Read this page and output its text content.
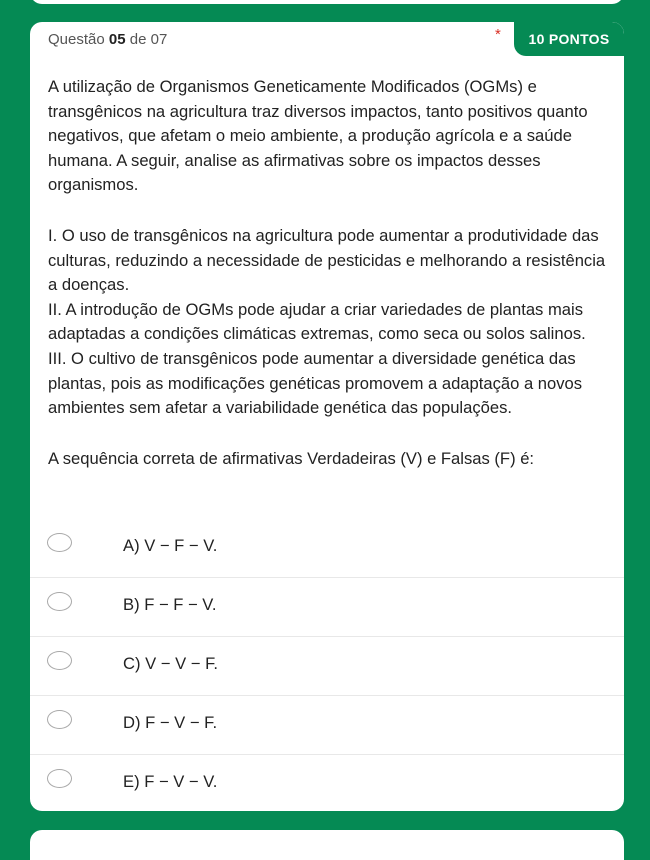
Questão 05 de 07	*	10 PONTOS

A utilização de Organismos Geneticamente Modificados (OGMs) e transgênicos na agricultura traz diversos impactos, tanto positivos quanto negativos, que afetam o meio ambiente, a produção agrícola e a saúde humana. A seguir, analise as afirmativas sobre os impactos desses organismos.

I. O uso de transgênicos na agricultura pode aumentar a produtividade das culturas, reduzindo a necessidade de pesticidas e melhorando a resistência a doenças.

II. A introdução de OGMs pode ajudar a criar variedades de plantas mais adaptadas a condições climáticas extremas, como seca ou solos salinos.

III. O cultivo de transgênicos pode aumentar a diversidade genética das plantas, pois as modificações genéticas promovem a adaptação a novos ambientes sem afetar a variabilidade genética das populações.

A sequência correta de afirmativas Verdadeiras (V) e Falsas (F) é:

A) V − F − V.
B) F − F − V.
C) V − V − F.
D) F − V − F.
E) F − V − V.
